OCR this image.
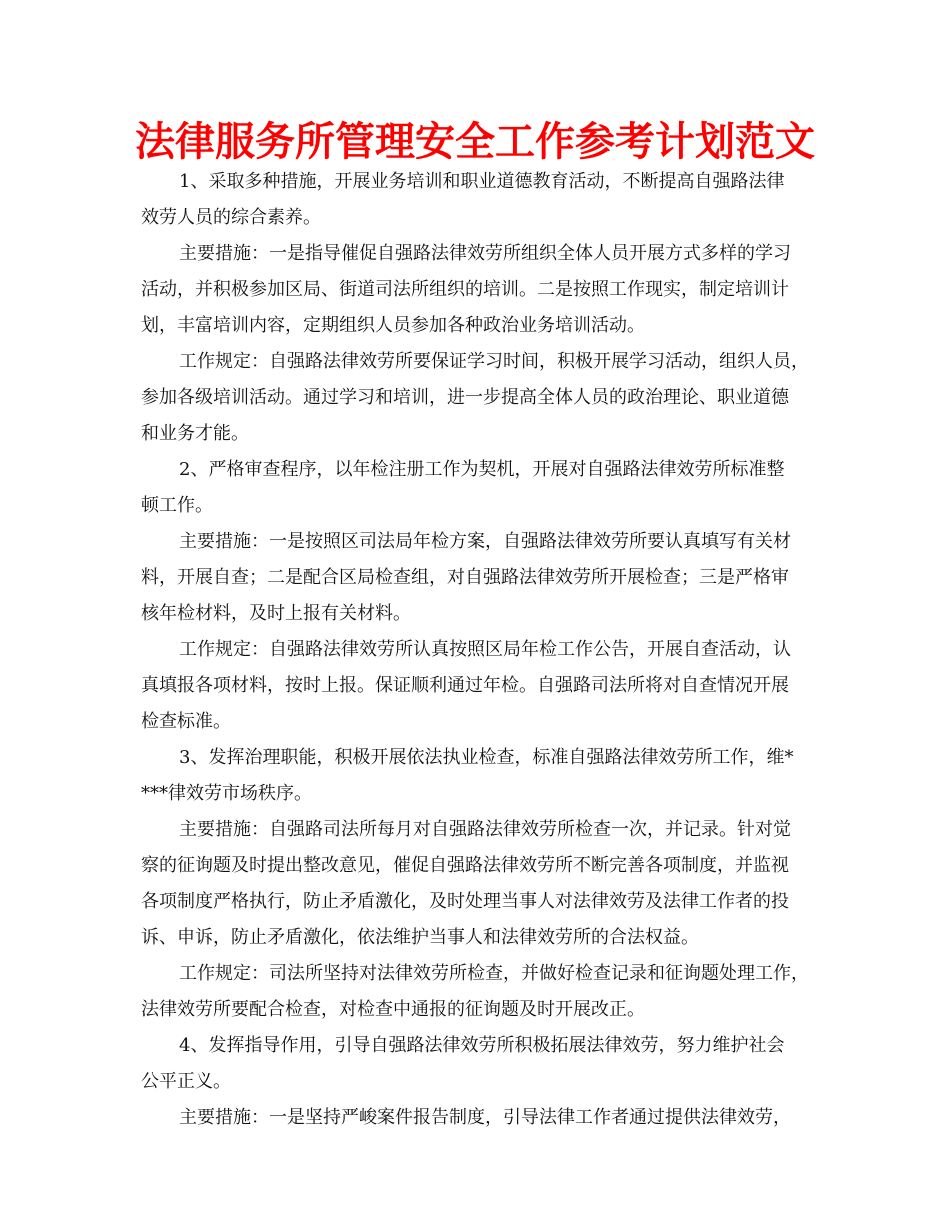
法律服务所管理安全工作参考计划范文
1、采取多种措施，开展业务培训和职业道德教育活动，不断提高自强路法律
效劳人员的综合素养。
主要措施：一是指导催促自强路法律效劳所组织全体人员开展方式多样的学习
活动，并积极参加区局、街道司法所组织的培训。二是按照工作现实，制定培训计
划，丰富培训内容，定期组织人员参加各种政治业务培训活动。
工作规定：自强路法律效劳所要保证学习时间，积极开展学习活动，组织人员，
参加各级培训活动。通过学习和培训，进一步提高全体人员的政治理论、职业道德
和业务才能。
2、严格审查程序，以年检注册工作为契机，开展对自强路法律效劳所标准整
顿工作。
主要措施：一是按照区司法局年检方案，自强路法律效劳所要认真填写有关材
料，开展自查；二是配合区局检查组，对自强路法律效劳所开展检查；三是严格审
核年检材料，及时上报有关材料。
工作规定：自强路法律效劳所认真按照区局年检工作公告，开展自查活动，认
真填报各项材料，按时上报。保证顺利通过年检。自强路司法所将对自查情况开展
检查标准。
3、发挥治理职能，积极开展依法执业检查，标准自强路法律效劳所工作，维*
***律效劳市场秩序。
主要措施：自强路司法所每月对自强路法律效劳所检查一次，并记录。针对觉
察的征询题及时提出整改意见，催促自强路法律效劳所不断完善各项制度，并监视
各项制度严格执行，防止矛盾激化，及时处理当事人对法律效劳及法律工作者的投
诉、申诉，防止矛盾激化，依法维护当事人和法律效劳所的合法权益。
工作规定：司法所坚持对法律效劳所检查，并做好检查记录和征询题处理工作，
法律效劳所要配合检查，对检查中通报的征询题及时开展改正。
4、发挥指导作用，引导自强路法律效劳所积极拓展法律效劳，努力维护社会
公平正义。
主要措施：一是坚持严峻案件报告制度，引导法律工作者通过提供法律效劳，
